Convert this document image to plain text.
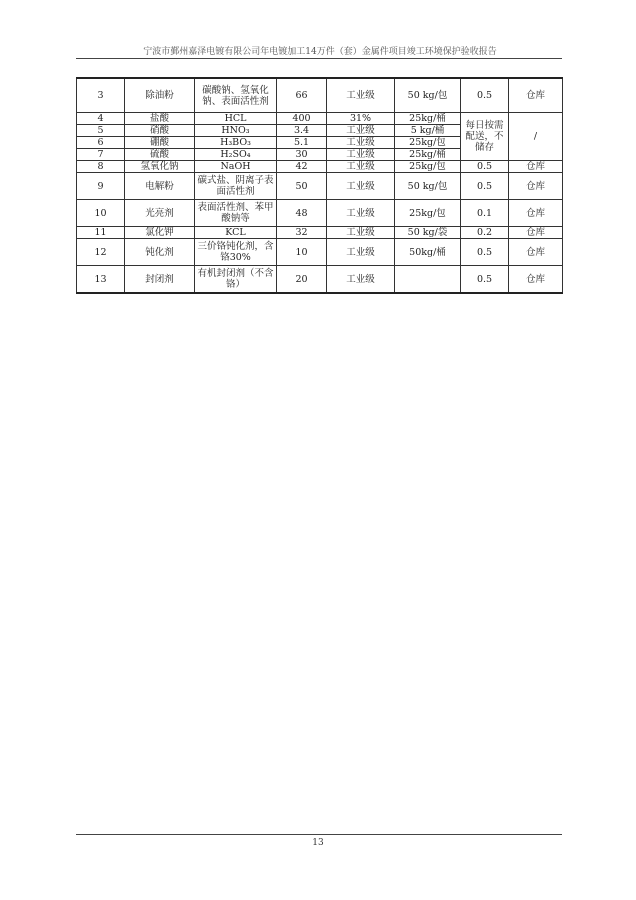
宁波市鄞州嘉泽电镀有限公司年电镀加工14万件（套）金属件项目竣工环境保护验收报告
3	除油粉	碳酸钠、氢氧化钠、表面活性剂	66	工业级	50 kg/包	0.5	仓库
4	盐酸	HCL	400	31%	25kg/桶	每日按需配送，不储存	/
5	硝酸	HNO₃	3.4	工业级	5 kg/桶		
6	硼酸	H₃BO₃	5.1	工业级	25kg/包		
7	硫酸	H₂SO₄	30	工业级	25kg/桶		
8	氢氧化钠	NaOH	42	工业级	25kg/包	0.5	仓库
9	电解粉	碳式盐、阴离子表面活性剂	50	工业级	50 kg/包	0.5	仓库
10	光亮剂	表面活性剂、苯甲酸钠等	48	工业级	25kg/包	0.1	仓库
11	氯化钾	KCL	32	工业级	50 kg/袋	0.2	仓库
12	钝化剂	三价铬钝化剂，含铬30%	10	工业级	50kg/桶	0.5	仓库
13	封闭剂	有机封闭剂（不含铬）	20	工业级		0.5	仓库
13
